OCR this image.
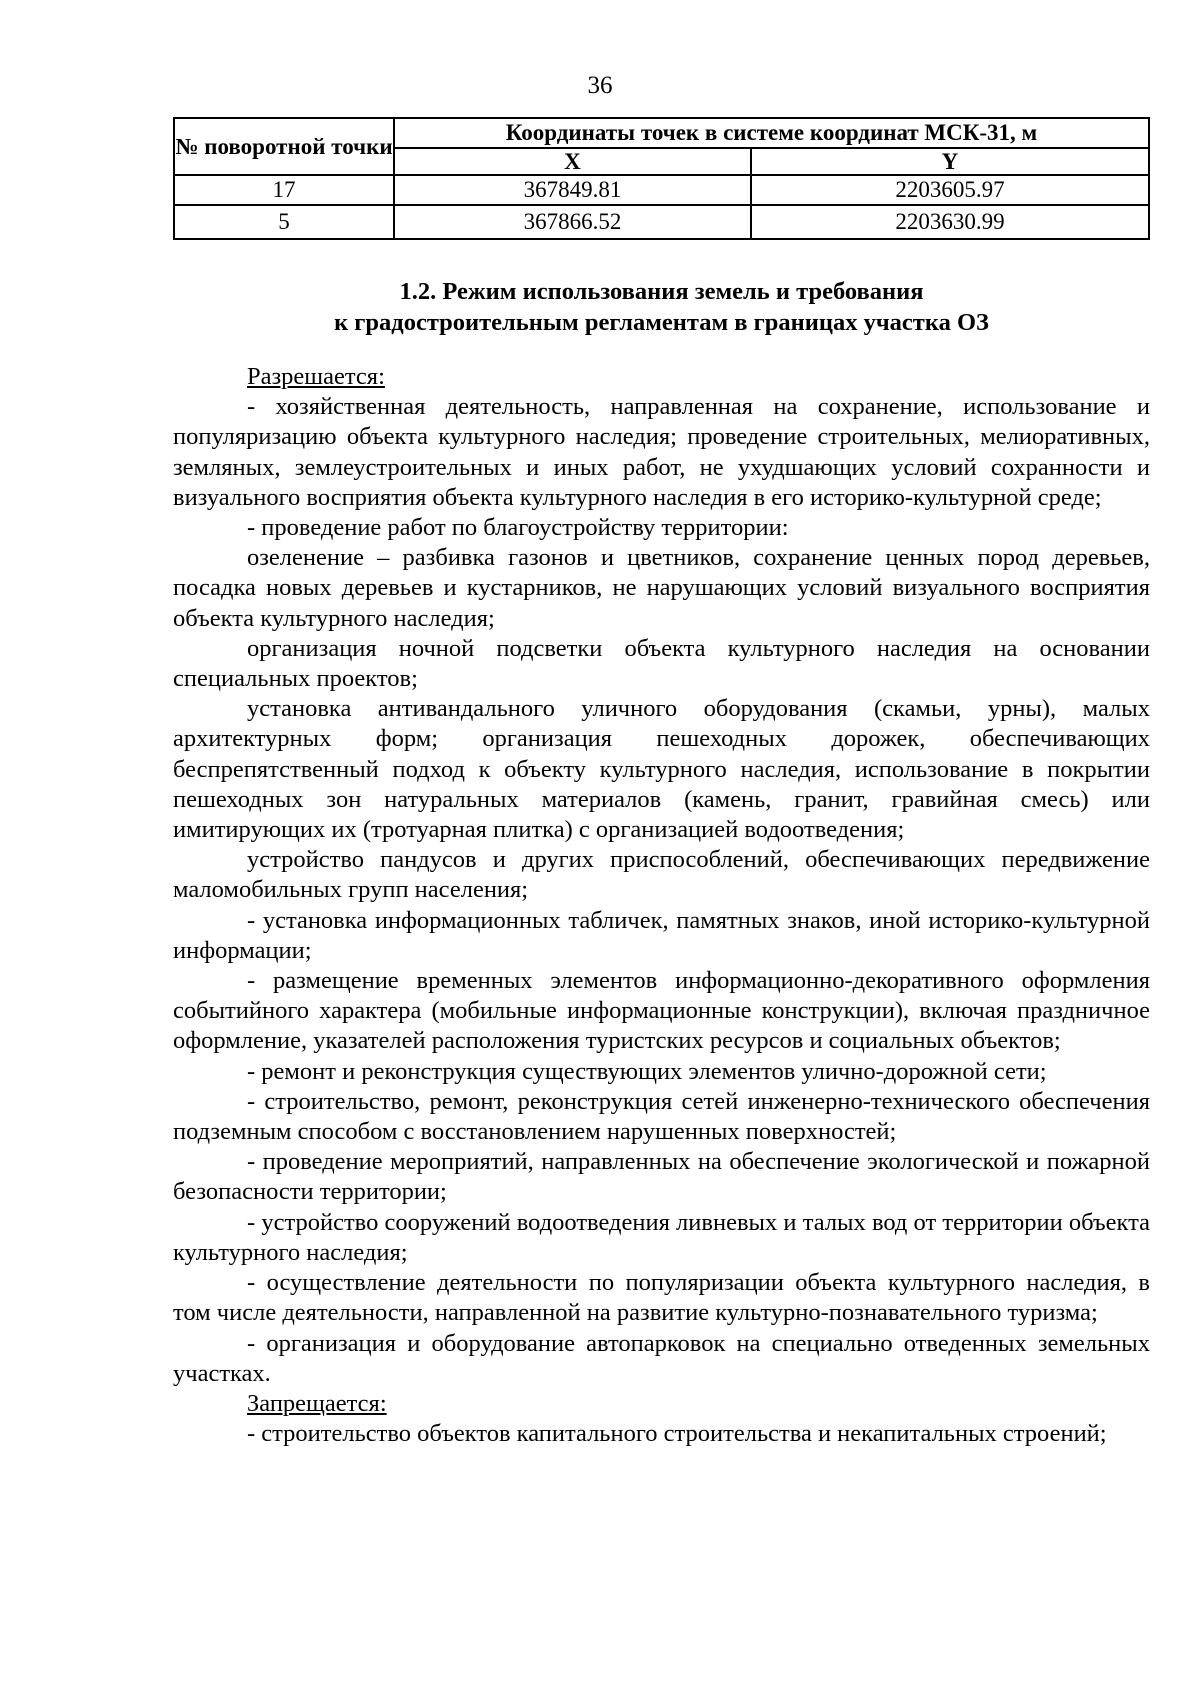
36
№ поворотной точки	Координаты точек в системе координат МСК-31, м	
	X	Y
17	367849.81	2203605.97
5	367866.52	2203630.99
1.2. Режим использования земель и требования
к градостроительным регламентам в границах участка ОЗ

Разрешается:

- хозяйственная деятельность, направленная на сохранение, использование и популяризацию объекта культурного наследия; проведение строительных, мелиоративных, земляных, землеустроительных и иных работ, не ухудшающих условий сохранности и визуального восприятия объекта культурного наследия в его историко-культурной среде;

- проведение работ по благоустройству территории:

озеленение – разбивка газонов и цветников, сохранение ценных пород деревьев, посадка новых деревьев и кустарников, не нарушающих условий визуального восприятия объекта культурного наследия;

организация ночной подсветки объекта культурного наследия на основании специальных проектов;

установка антивандального уличного оборудования (скамьи, урны), малых архитектурных форм; организация пешеходных дорожек, обеспечивающих беспрепятственный подход к объекту культурного наследия, использование в покрытии пешеходных зон натуральных материалов (камень, гранит, гравийная смесь) или имитирующих их (тротуарная плитка) с организацией водоотведения;

устройство пандусов и других приспособлений, обеспечивающих передвижение маломобильных групп населения;

- установка информационных табличек, памятных знаков, иной историко-культурной информации;

- размещение временных элементов информационно-декоративного оформления событийного характера (мобильные информационные конструкции), включая праздничное оформление, указателей расположения туристских ресурсов и социальных объектов;

- ремонт и реконструкция существующих элементов улично-дорожной сети;

- строительство, ремонт, реконструкция сетей инженерно-технического обеспечения подземным способом с восстановлением нарушенных поверхностей;

- проведение мероприятий, направленных на обеспечение экологической и пожарной безопасности территории;

- устройство сооружений водоотведения ливневых и талых вод от территории объекта культурного наследия;

- осуществление деятельности по популяризации объекта культурного наследия, в том числе деятельности, направленной на развитие культурно-познавательного туризма;

- организация и оборудование автопарковок на специально отведенных земельных участках.

Запрещается:

- строительство объектов капитального строительства и некапитальных строений;
